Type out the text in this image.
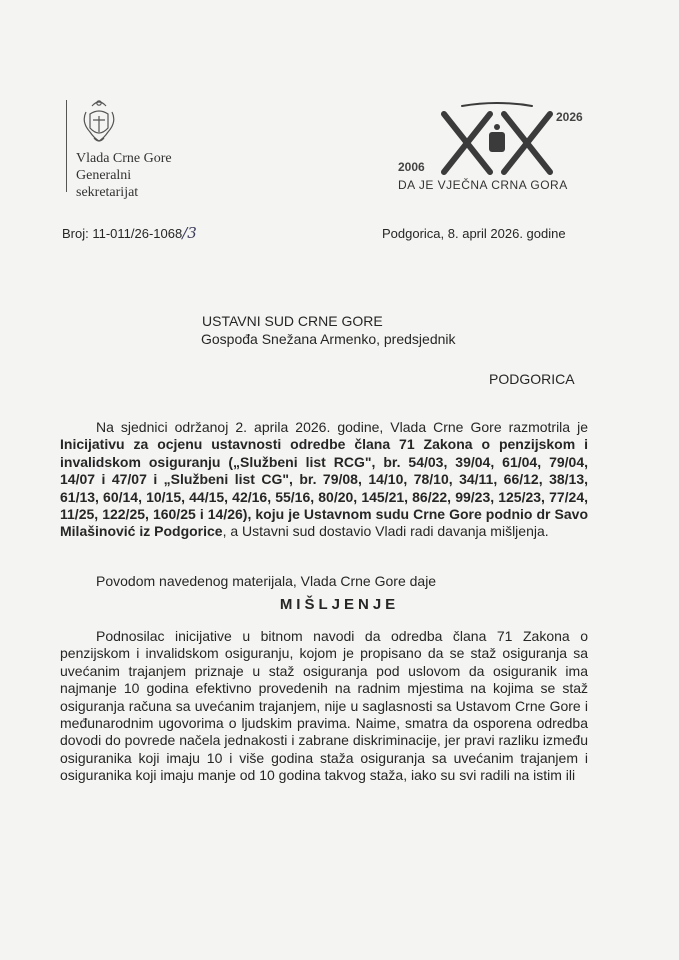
Vlada Crne Gore
Generalni
sekretarijat
2006
2026
DA JE VJEČNA CRNA GORA
Broj: 11-011/26-1068/3	Podgorica, 8. april 2026. godine
USTAVNI SUD CRNE GORE
Gospođa Snežana Armenko, predsjednik
PODGORICA
Na sjednici održanoj 2. aprila 2026. godine, Vlada Crne Gore razmotrila je Inicijativu za ocjenu ustavnosti odredbe člana 71 Zakona o penzijskom i invalidskom osiguranju („Službeni list RCG", br. 54/03, 39/04, 61/04, 79/04, 14/07 i 47/07 i „Službeni list CG", br. 79/08, 14/10, 78/10, 34/11, 66/12, 38/13, 61/13, 60/14, 10/15, 44/15, 42/16, 55/16, 80/20, 145/21, 86/22, 99/23, 125/23, 77/24, 11/25, 122/25, 160/25 i 14/26), koju je Ustavnom sudu Crne Gore podnio dr Savo Milašinović iz Podgorice, a Ustavni sud dostavio Vladi radi davanja mišljenja.
Povodom navedenog materijala, Vlada Crne Gore daje
MIŠLJENJE
Podnosilac inicijative u bitnom navodi da odredba člana 71 Zakona o penzijskom i invalidskom osiguranju, kojom je propisano da se staž osiguranja sa uvećanim trajanjem priznaje u staž osiguranja pod uslovom da osiguranik ima najmanje 10 godina efektivno provedenih na radnim mjestima na kojima se staž osiguranja računa sa uvećanim trajanjem, nije u saglasnosti sa Ustavom Crne Gore i međunarodnim ugovorima o ljudskim pravima. Naime, smatra da osporena odredba dovodi do povrede načela jednakosti i zabrane diskriminacije, jer pravi razliku između osiguranika koji imaju 10 i više godina staža osiguranja sa uvećanim trajanjem i osiguranika koji imaju manje od 10 godina takvog staža, iako su svi radili na istim ili
